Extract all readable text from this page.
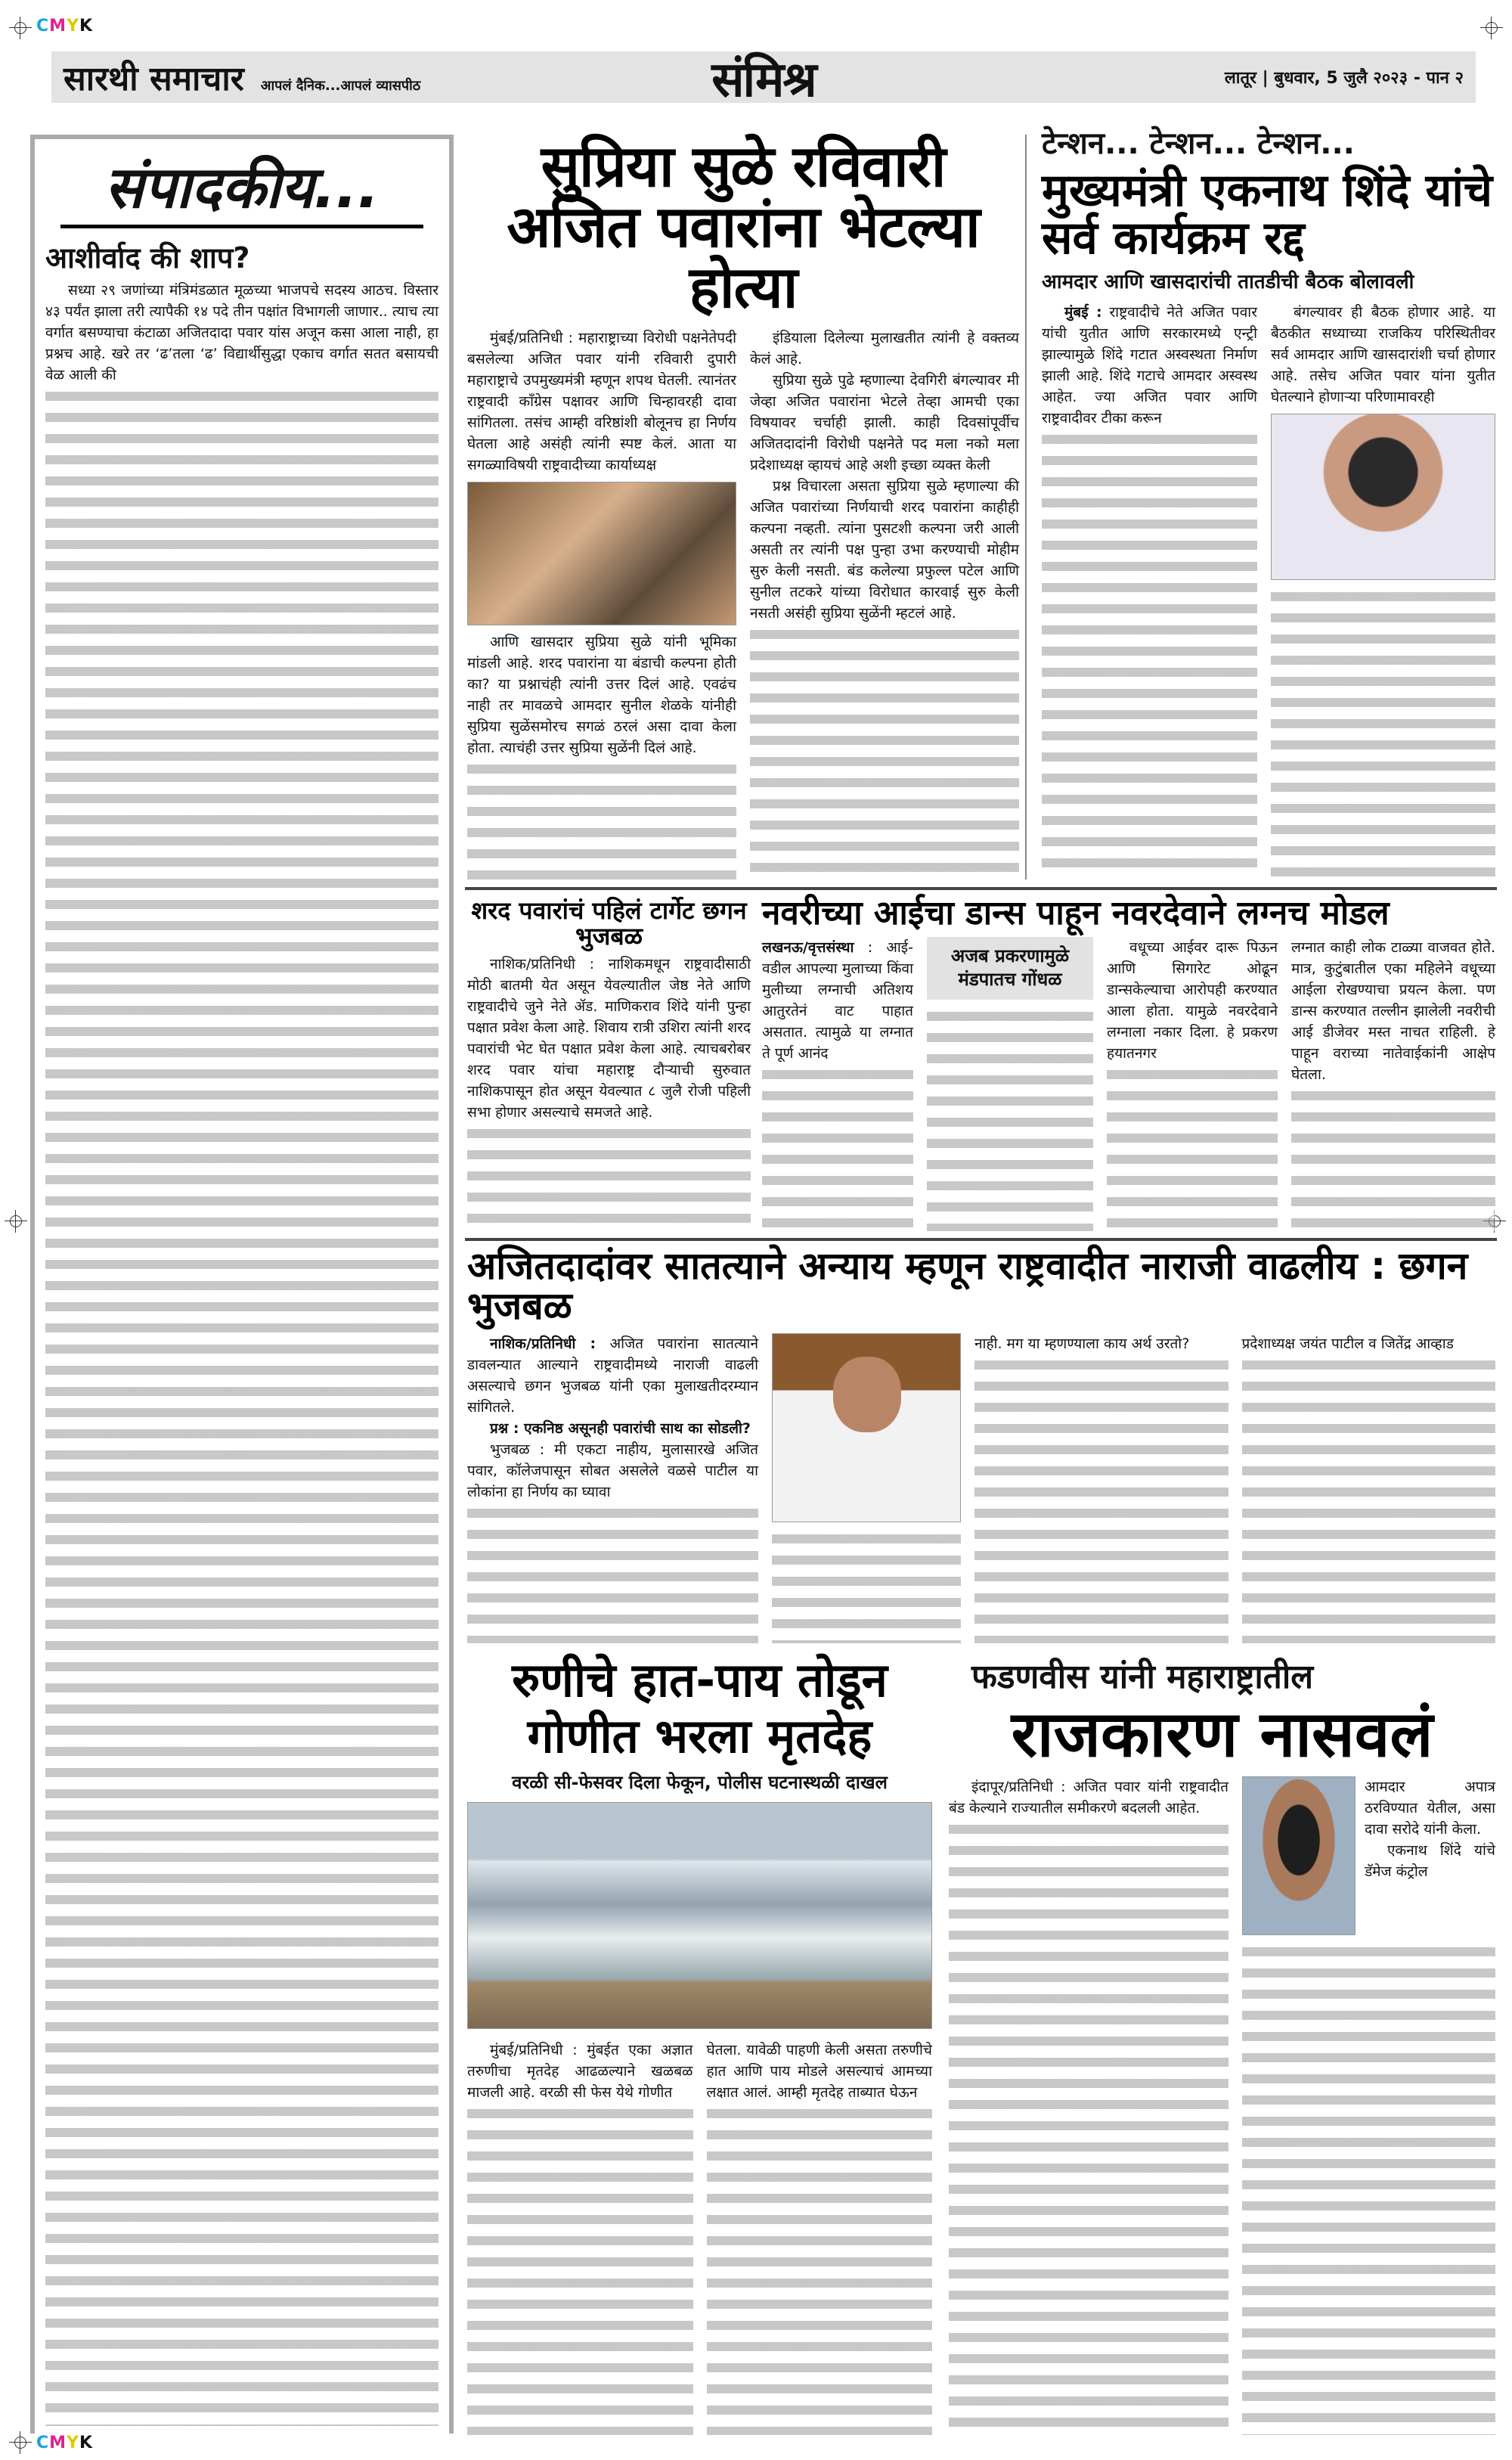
CMYK
CMYK
सारथी समाचार आपलं दैनिक...आपलं व्यासपीठ	संमिश्र	लातूर | बुधवार, 5 जुलै २०२३ - पान २
संपादकीय...
आशीर्वाद की शाप?

सध्या २९ जणांच्या मंत्रिमंडळात मूळच्या भाजपचे सदस्य आठच. विस्तार ४३ पर्यंत झाला तरी त्यापैकी १४ पदे तीन पक्षांत विभागली जाणार.. त्याच त्या वर्गात बसण्याचा कंटाळा अजितदादा पवार यांस अजून कसा आला नाही, हा प्रश्नच आहे. खरे तर ‘ढ’तला ‘ढ’ विद्यार्थीसुद्धा एकाच वर्गात सतत बसायची वेळ आली की

सुप्रिया सुळे रविवारी अजित पवारांना भेटल्या होत्या

मुंबई/प्रतिनिधी : महाराष्ट्राच्या विरोधी पक्षनेतेपदी बसलेल्या अजित पवार यांनी रविवारी दुपारी महाराष्ट्राचे उपमुख्यमंत्री म्हणून शपथ घेतली. त्यानंतर राष्ट्रवादी काँग्रेस पक्षावर आणि चिन्हावरही दावा सांगितला. तसंच आम्ही वरिष्ठांशी बोलूनच हा निर्णय घेतला आहे असंही त्यांनी स्पष्ट केलं. आता या सगळ्याविषयी राष्ट्रवादीच्या कार्याध्यक्ष

आणि खासदार सुप्रिया सुळे यांनी भूमिका मांडली आहे. शरद पवारांना या बंडाची कल्पना होती का? या प्रश्नाचंही त्यांनी उत्तर दिलं आहे. एवढंच नाही तर मावळचे आमदार सुनील शेळके यांनीही सुप्रिया सुळेंसमोरच सगळं ठरलं असा दावा केला होता. त्याचंही उत्तर सुप्रिया सुळेंनी दिलं आहे.

इंडियाला दिलेल्या मुलाखतीत त्यांनी हे वक्तव्य केलं आहे.

सुप्रिया सुळे पुढे म्हणाल्या देवगिरी बंगल्यावर मी जेव्हा अजित पवारांना भेटले तेव्हा आमची एका विषयावर चर्चाही झाली. काही दिवसांपूर्वीच अजितदादांनी विरोधी पक्षनेते पद मला नको मला प्रदेशाध्यक्ष व्हायचं आहे अशी इच्छा व्यक्त केली

प्रश्न विचारला असता सुप्रिया सुळे म्हणाल्या की अजित पवारांच्या निर्णयाची शरद पवारांना काहीही कल्पना नव्हती. त्यांना पुसटशी कल्पना जरी आली असती तर त्यांनी पक्ष पुन्हा उभा करण्याची मोहीम सुरु केली नसती. बंड कलेल्या प्रफुल्ल पटेल आणि सुनील तटकरे यांच्या विरोधात कारवाई सुरु केली नसती असंही सुप्रिया सुळेंनी म्हटलं आहे.

टेन्शन... टेन्शन... टेन्शन...
मुख्यमंत्री एकनाथ शिंदे यांचे सर्व कार्यक्रम रद्द
आमदार आणि खासदारांची तातडीची बैठक बोलावली

मुंबई : राष्ट्रवादीचे नेते अजित पवार यांची युतीत आणि सरकारमध्ये एन्ट्री झाल्यामुळे शिंदे गटात अस्वस्थता निर्माण झाली आहे. शिंदे गटाचे आमदार अस्वस्थ आहेत. ज्या अजित पवार आणि राष्ट्रवादीवर टीका करून

बंगल्यावर ही बैठक होणार आहे. या बैठकीत सध्याच्या राजकिय परिस्थितीवर सर्व आमदार आणि खासदारांशी चर्चा होणार आहे. तसेच अजित पवार यांना युतीत घेतल्याने होणाऱ्या परिणामावरही

शरद पवारांचं पहिलं टार्गेट छगन भुजबळ

नाशिक/प्रतिनिधी : नाशिकमधून राष्ट्रवादीसाठी मोठी बातमी येत असून येवल्यातील जेष्ठ नेते आणि राष्ट्रवादीचे जुने नेते ॲड. माणिकराव शिंदे यांनी पुन्हा पक्षात प्रवेश केला आहे. शिवाय रात्री उशिरा त्यांनी शरद पवारांची भेट घेत पक्षात प्रवेश केला आहे. त्याचबरोबर शरद पवार यांचा महाराष्ट्र दौऱ्याची सुरुवात नाशिकपासून होत असून येवल्यात ८ जुलै रोजी पहिली सभा होणार असल्याचे समजते आहे.

नवरीच्या आईचा डान्स पाहून नवरदेवाने लग्नच मोडल

लखनऊ/वृत्तसंस्था : आई-वडील आपल्या मुलाच्या किंवा मुलीच्या लग्नाची अतिशय आतुरतेनं वाट पाहात असतात. त्यामुळे या लग्नात ते पूर्ण आनंद

अजब प्रकरणामुळे मंडपातच गोंधळ

वधूच्या आईवर दारू पिऊन आणि सिगारेट ओढून डान्सकेल्याचा आरोपही करण्यात आला होता. यामुळे नवरदेवाने लग्नाला नकार दिला. हे प्रकरण हयातनगर

लग्नात काही लोक टाळ्या वाजवत होते. मात्र, कुटुंबातील एका महिलेने वधूच्या आईला रोखण्याचा प्रयत्न केला. पण डान्स करण्यात तल्लीन झालेली नवरीची आई डीजेवर मस्त नाचत राहिली. हे पाहून वराच्या नातेवाईकांनी आक्षेप घेतला.

अजितदादांवर सातत्याने अन्याय म्हणून राष्ट्रवादीत नाराजी वाढलीय : छगन भुजबळ

नाशिक/प्रतिनिधी : अजित पवारांना सातत्याने डावलन्यात आल्याने राष्ट्रवादीमध्ये नाराजी वाढली असल्याचे छगन भुजबळ यांनी एका मुलाखतीदरम्यान सांगितले.

प्रश्न : एकनिष्ठ असूनही पवारांची साथ का सोडली?

भुजबळ : मी एकटा नाहीय, मुलासारखे अजित पवार, कॉलेजपासून सोबत असलेले वळसे पाटील या लोकांना हा निर्णय का घ्यावा

नाही. मग या म्हणण्याला काय अर्थ उरतो?	प्रदेशाध्यक्ष जयंत पाटील व जितेंद्र आव्हाड

रुणीचे हात-पाय तोडून गोणीत भरला मृतदेह
वरळी सी-फेसवर दिला फेकून, पोलीस घटनास्थळी दाखल

मुंबई/प्रतिनिधी : मुंबईत एका अज्ञात तरुणीचा मृतदेह आढळल्याने खळबळ माजली आहे. वरळी सी फेस येथे गोणीत

घेतला. यावेळी पाहणी केली असता तरुणीचे हात आणि पाय मोडले असल्याचं आमच्या लक्षात आलं. आम्ही मृतदेह ताब्यात घेऊन

फडणवीस यांनी महाराष्ट्रातील
राजकारण नासवलं

इंदापूर/प्रतिनिधी : अजित पवार यांनी राष्ट्रवादीत बंड केल्याने राज्यातील समीकरणे बदलली आहेत.

आमदार अपात्र ठरविण्यात येतील, असा दावा सरोदे यांनी केला.

एकनाथ शिंदे यांचे डॅमेज कंट्रोल
